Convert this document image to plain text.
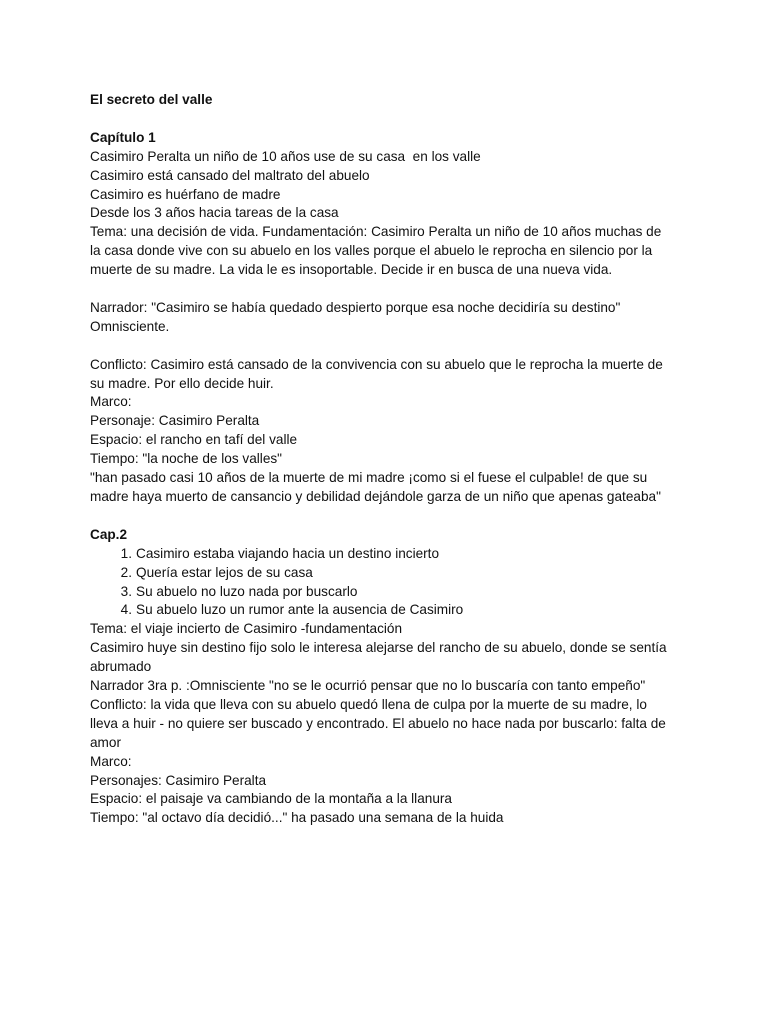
El secreto del valle
Capítulo 1
Casimiro Peralta un niño de 10 años use de su casa  en los valle
Casimiro está cansado del maltrato del abuelo
Casimiro es huérfano de madre
Desde los 3 años hacia tareas de la casa
Tema: una decisión de vida. Fundamentación: Casimiro Peralta un niño de 10 años muchas de
la casa donde vive con su abuelo en los valles porque el abuelo le reprocha en silencio por la
muerte de su madre. La vida le es insoportable. Decide ir en busca de una nueva vida.
Narrador: "Casimiro se había quedado despierto porque esa noche decidiría su destino"
Omnisciente.
Conflicto: Casimiro está cansado de la convivencia con su abuelo que le reprocha la muerte de
su madre. Por ello decide huir.
Marco:
Personaje: Casimiro Peralta
Espacio: el rancho en tafí del valle
Tiempo: "la noche de los valles"
"han pasado casi 10 años de la muerte de mi madre ¡como si el fuese el culpable! de que su
madre haya muerto de cansancio y debilidad dejándole garza de un niño que apenas gateaba"
Cap.2
1. Casimiro estaba viajando hacia un destino incierto
2. Quería estar lejos de su casa
3. Su abuelo no luzo nada por buscarlo
4. Su abuelo luzo un rumor ante la ausencia de Casimiro
Tema: el viaje incierto de Casimiro -fundamentación
Casimiro huye sin destino fijo solo le interesa alejarse del rancho de su abuelo, donde se sentía
abrumado
Narrador 3ra p. :Omnisciente "no se le ocurrió pensar que no lo buscaría con tanto empeño"
Conflicto: la vida que lleva con su abuelo quedó llena de culpa por la muerte de su madre, lo
lleva a huir - no quiere ser buscado y encontrado. El abuelo no hace nada por buscarlo: falta de
amor
Marco:
Personajes: Casimiro Peralta
Espacio: el paisaje va cambiando de la montaña a la llanura
Tiempo: "al octavo día decidió..." ha pasado una semana de la huida
